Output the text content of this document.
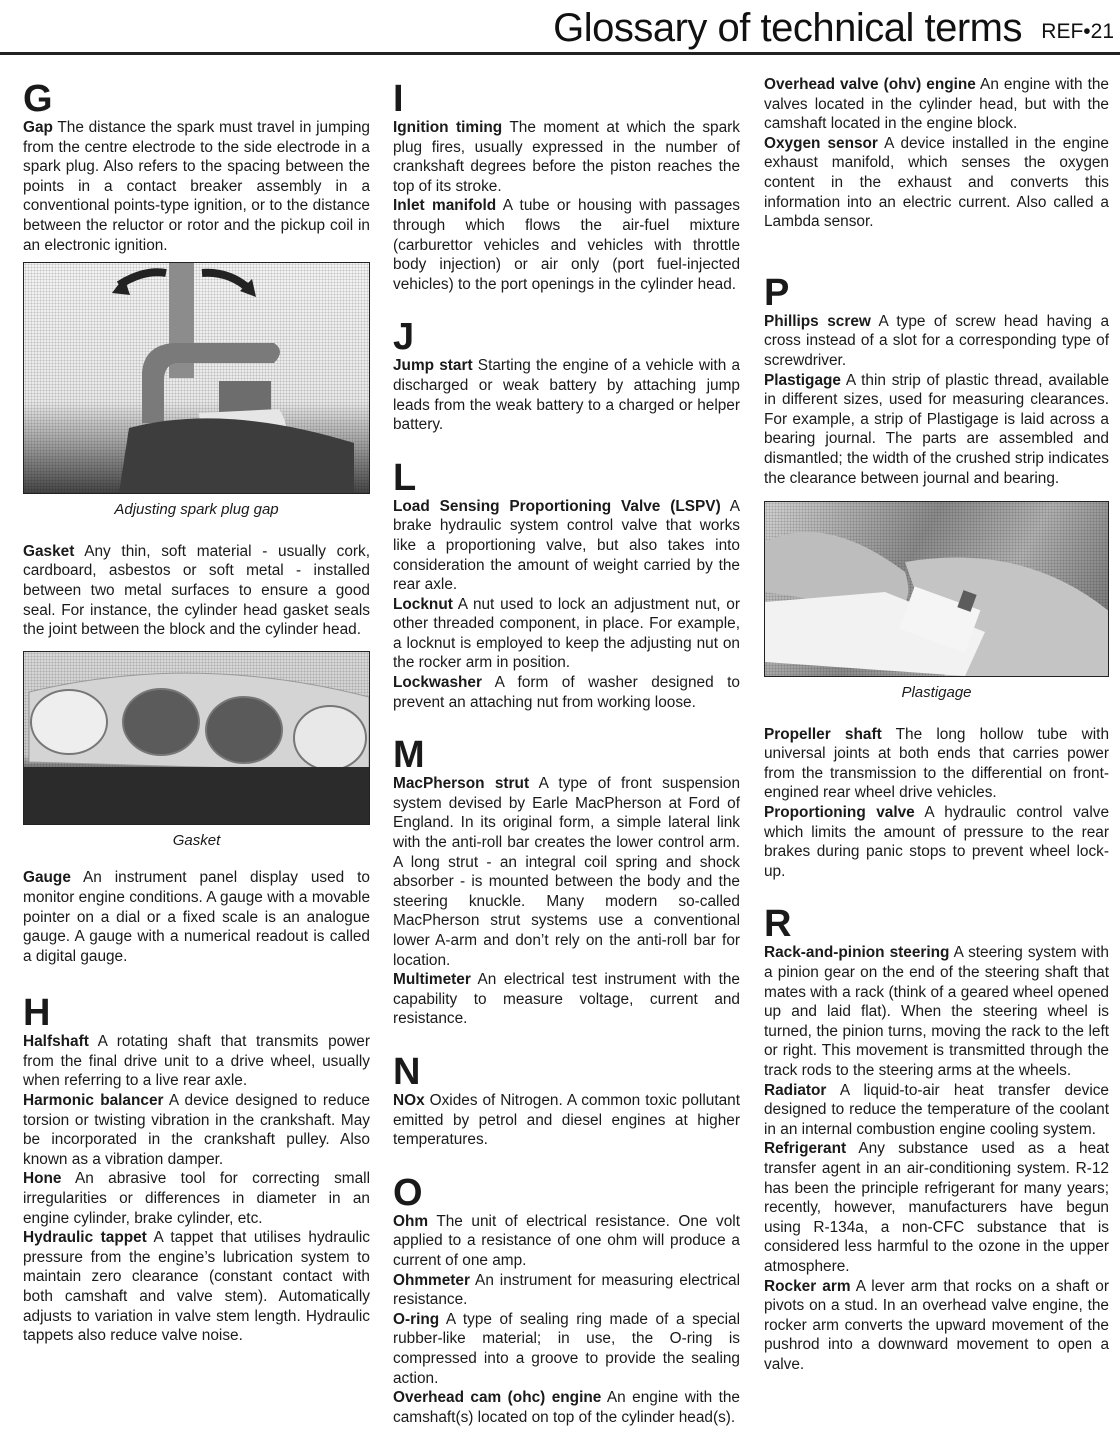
Glossary of technical terms REF•21
G

Gap The distance the spark must travel in jumping from the centre electrode to the side electrode in a spark plug. Also refers to the spacing between the points in a contact breaker assembly in a conventional points-type ignition, or to the distance between the reluctor or rotor and the pickup coil in an electronic ignition.

Adjusting spark plug gap

Gasket Any thin, soft material - usually cork, cardboard, asbestos or soft metal - installed between two metal surfaces to ensure a good seal. For instance, the cylinder head gasket seals the joint between the block and the cylinder head.

Gasket

Gauge An instrument panel display used to monitor engine conditions. A gauge with a movable pointer on a dial or a fixed scale is an analogue gauge. A gauge with a numerical readout is called a digital gauge.

H

Halfshaft A rotating shaft that transmits power from the final drive unit to a drive wheel, usually when referring to a live rear axle.

Harmonic balancer A device designed to reduce torsion or twisting vibration in the crankshaft. May be incorporated in the crankshaft pulley. Also known as a vibration damper.

Hone An abrasive tool for correcting small irregularities or differences in diameter in an engine cylinder, brake cylinder, etc.

Hydraulic tappet A tappet that utilises hydraulic pressure from the engine’s lubrication system to maintain zero clearance (constant contact with both camshaft and valve stem). Automatically adjusts to variation in valve stem length. Hydraulic tappets also reduce valve noise.

I

Ignition timing The moment at which the spark plug fires, usually expressed in the number of crankshaft degrees before the piston reaches the top of its stroke.

Inlet manifold A tube or housing with passages through which flows the air-fuel mixture (carburettor vehicles and vehicles with throttle body injection) or air only (port fuel-injected vehicles) to the port openings in the cylinder head.

J

Jump start Starting the engine of a vehicle with a discharged or weak battery by attaching jump leads from the weak battery to a charged or helper battery.

L

Load Sensing Proportioning Valve (LSPV) A brake hydraulic system control valve that works like a proportioning valve, but also takes into consideration the amount of weight carried by the rear axle.

Locknut A nut used to lock an adjustment nut, or other threaded component, in place. For example, a locknut is employed to keep the adjusting nut on the rocker arm in position.

Lockwasher A form of washer designed to prevent an attaching nut from working loose.

M

MacPherson strut A type of front suspension system devised by Earle MacPherson at Ford of England. In its original form, a simple lateral link with the anti-roll bar creates the lower control arm. A long strut - an integral coil spring and shock absorber - is mounted between the body and the steering knuckle. Many modern so-called MacPherson strut systems use a conventional lower A-arm and don’t rely on the anti-roll bar for location.

Multimeter An electrical test instrument with the capability to measure voltage, current and resistance.

N

NOx Oxides of Nitrogen. A common toxic pollutant emitted by petrol and diesel engines at higher temperatures.

O

Ohm The unit of electrical resistance. One volt applied to a resistance of one ohm will produce a current of one amp.

Ohmmeter An instrument for measuring electrical resistance.

O-ring A type of sealing ring made of a special rubber-like material; in use, the O-ring is compressed into a groove to provide the sealing action.

Overhead cam (ohc) engine An engine with the camshaft(s) located on top of the cylinder head(s).

Overhead valve (ohv) engine An engine with the valves located in the cylinder head, but with the camshaft located in the engine block.

Oxygen sensor A device installed in the engine exhaust manifold, which senses the oxygen content in the exhaust and converts this information into an electric current. Also called a Lambda sensor.

P

Phillips screw A type of screw head having a cross instead of a slot for a corresponding type of screwdriver.

Plastigage A thin strip of plastic thread, available in different sizes, used for measuring clearances. For example, a strip of Plastigage is laid across a bearing journal. The parts are assembled and dismantled; the width of the crushed strip indicates the clearance between journal and bearing.

Plastigage

Propeller shaft The long hollow tube with universal joints at both ends that carries power from the transmission to the differential on front-engined rear wheel drive vehicles.

Proportioning valve A hydraulic control valve which limits the amount of pressure to the rear brakes during panic stops to prevent wheel lock-up.

R

Rack-and-pinion steering A steering system with a pinion gear on the end of the steering shaft that mates with a rack (think of a geared wheel opened up and laid flat). When the steering wheel is turned, the pinion turns, moving the rack to the left or right. This movement is transmitted through the track rods to the steering arms at the wheels.

Radiator A liquid-to-air heat transfer device designed to reduce the temperature of the coolant in an internal combustion engine cooling system.

Refrigerant Any substance used as a heat transfer agent in an air-conditioning system. R-12 has been the principle refrigerant for many years; recently, however, manufacturers have begun using R-134a, a non-CFC substance that is considered less harmful to the ozone in the upper atmosphere.

Rocker arm A lever arm that rocks on a shaft or pivots on a stud. In an overhead valve engine, the rocker arm converts the upward movement of the pushrod into a downward movement to open a valve.
